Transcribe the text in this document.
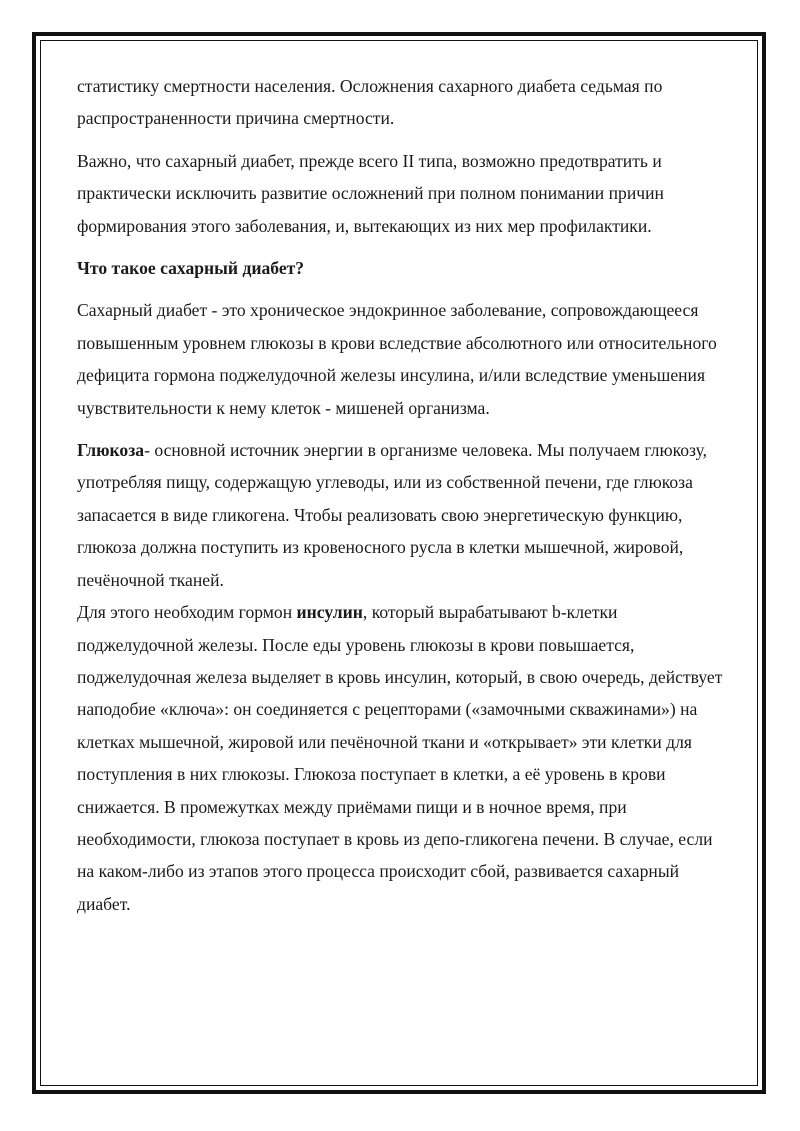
статистику смертности населения. Осложнения сахарного диабета седьмая по распространенности причина смертности.

Важно, что сахарный диабет, прежде всего II типа, возможно предотвратить и практически исключить развитие осложнений при полном понимании причин формирования этого заболевания, и, вытекающих из них мер профилактики.

Что такое сахарный диабет?

Сахарный диабет - это хроническое эндокринное заболевание, сопровождающееся повышенным уровнем глюкозы в крови вследствие абсолютного или относительного дефицита гормона поджелудочной железы инсулина, и/или вследствие уменьшения чувствительности к нему клеток - мишеней организма.

Глюкоза- основной источник энергии в организме человека. Мы получаем глюкозу, употребляя пищу, содержащую углеводы, или из собственной печени, где глюкоза запасается в виде гликогена. Чтобы реализовать свою энергетическую функцию, глюкоза должна поступить из кровеносного русла в клетки мышечной, жировой, печёночной тканей.

Для этого необходим гормон инсулин, который вырабатывают b-клетки поджелудочной железы. После еды уровень глюкозы в крови повышается, поджелудочная железа выделяет в кровь инсулин, который, в свою очередь, действует наподобие «ключа»: он соединяется с рецепторами («замочными скважинами») на клетках мышечной, жировой или печёночной ткани и «открывает» эти клетки для поступления в них глюкозы. Глюкоза поступает в клетки, а её уровень в крови снижается. В промежутках между приёмами пищи и в ночное время, при необходимости, глюкоза поступает в кровь из депо-гликогена печени. В случае, если на каком-либо из этапов этого процесса происходит сбой, развивается сахарный диабет.
